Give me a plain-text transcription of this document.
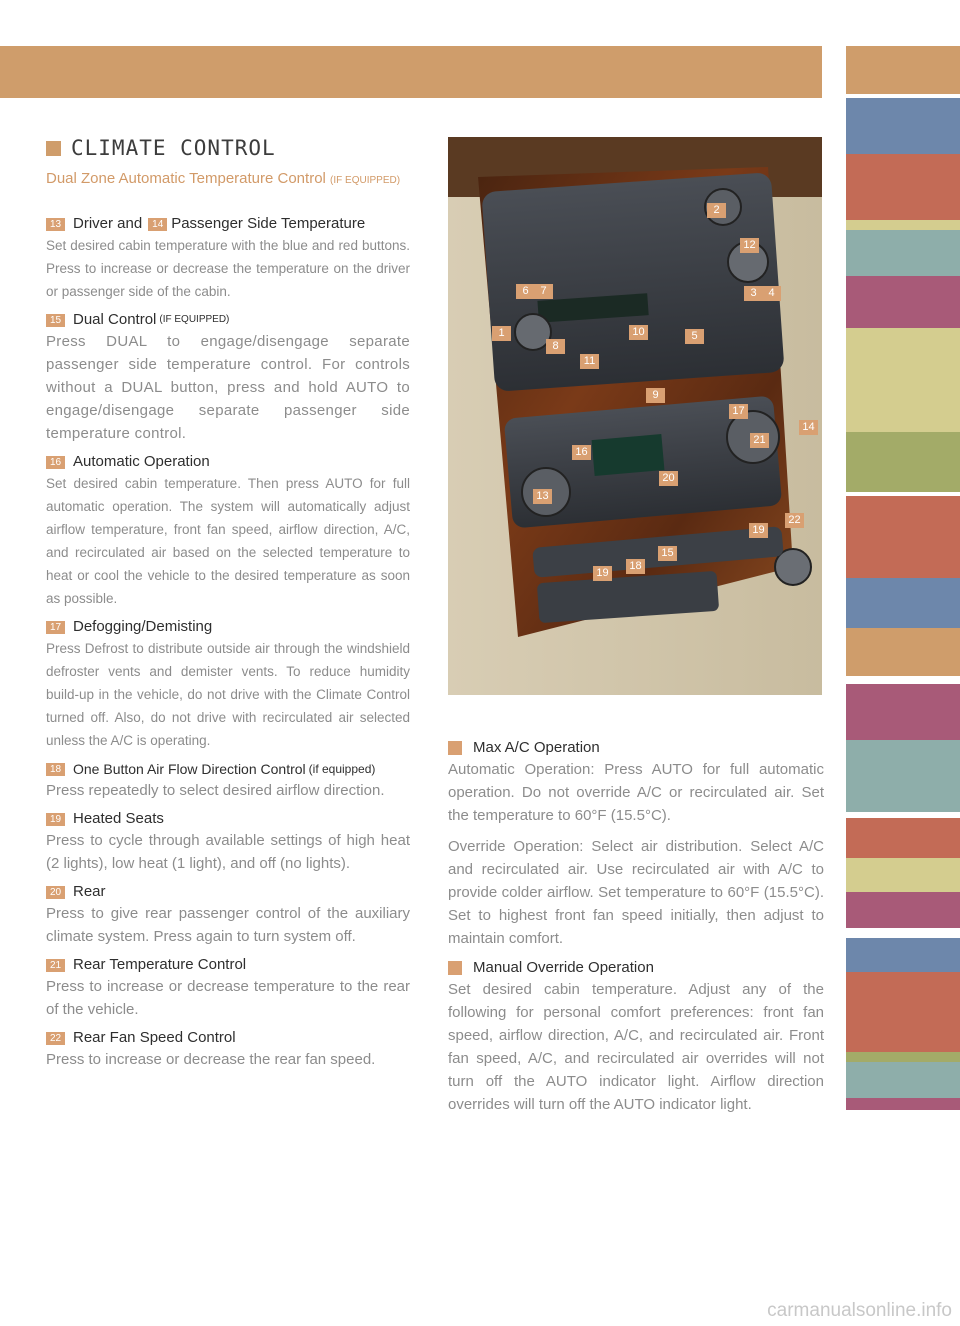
CLIMATE CONTROL
Dual Zone Automatic Temperature Control (IF EQUIPPED)
13 Driver and 14 Passenger Side Temperature
Set desired cabin temperature with the blue and red buttons. Press to increase or decrease the temperature on the driver or passenger side of the cabin.
15 Dual Control (IF EQUIPPED)
Press DUAL to engage/disengage separate passenger side temperature control. For controls without a DUAL button, press and hold AUTO to engage/disengage separate passenger side temperature control.
16 Automatic Operation
Set desired cabin temperature. Then press AUTO for full automatic operation. The system will automatically adjust airflow temperature, front fan speed, airflow direction, A/C, and recirculated air based on the selected temperature to heat or cool the vehicle to the desired temperature as soon as possible.
17 Defogging/Demisting
Press Defrost to distribute outside air through the windshield defroster vents and demister vents. To reduce humidity build-up in the vehicle, do not drive with the Climate Control turned off. Also, do not drive with recirculated air selected unless the A/C is operating.
18 One Button Air Flow Direction Control (if equipped)
Press repeatedly to select desired airflow direction.
19 Heated Seats
Press to cycle through available settings of high heat (2 lights), low heat (1 light), and off (no lights).
20 Rear
Press to give rear passenger control of the auxiliary climate system. Press again to turn system off.
21 Rear Temperature Control
Press to increase or decrease temperature to the rear of the vehicle.
22 Rear Fan Speed Control
Press to increase or decrease the rear fan speed.
2
12
6	7	3	4
1	10	5
8
11
9
17
14
21
16
20
13
19
22
15
18
19
Max A/C Operation
Automatic Operation: Press AUTO for full automatic operation. Do not override A/C or recirculated air. Set the temperature to 60°F (15.5°C).
Override Operation: Select air distribution. Select A/C and recirculated air. Use recirculated air with A/C to provide colder airflow. Set temperature to 60°F (15.5°C). Set to highest front fan speed initially, then adjust to maintain comfort.
Manual Override Operation
Set desired cabin temperature. Adjust any of the following for personal comfort preferences: front fan speed, airflow direction, A/C, and recirculated air. Front fan speed, A/C, and recirculated air overrides will not turn off the AUTO indicator light. Airflow direction overrides will turn off the AUTO indicator light.
carmanualsonline.info
